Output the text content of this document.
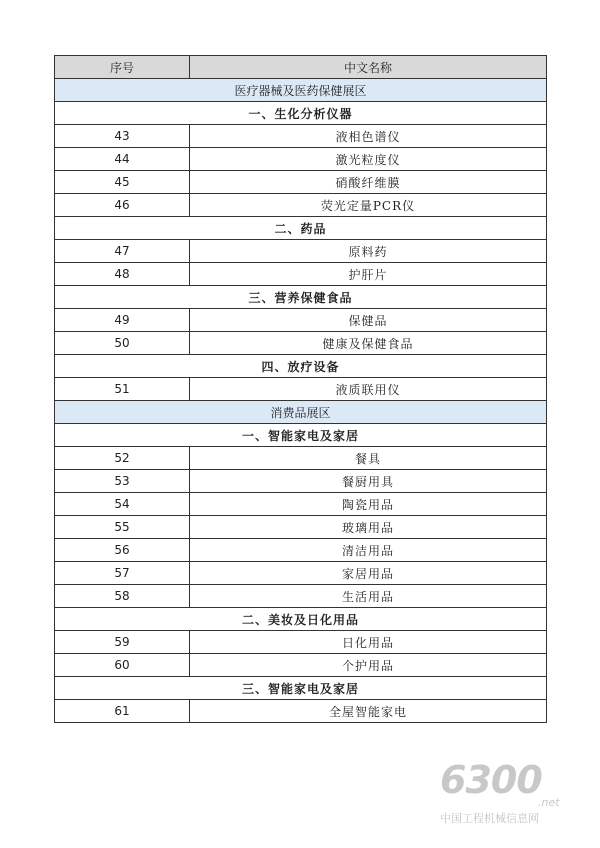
序号	中文名称
医疗器械及医药保健展区	
一、生化分析仪器	
43	液相色谱仪
44	激光粒度仪
45	硝酸纤维膜
46	荧光定量PCR仪
二、药品	
47	原料药
48	护肝片
三、营养保健食品	
49	保健品
50	健康及保健食品
四、放疗设备	
51	液质联用仪
消费品展区	
一、智能家电及家居	
52	餐具
53	餐厨用具
54	陶瓷用品
55	玻璃用品
56	清洁用品
57	家居用品
58	生活用品
二、美妆及日化用品	
59	日化用品
60	个护用品
三、智能家电及家居	
61	全屋智能家电
6300
.net
中国工程机械信息网
